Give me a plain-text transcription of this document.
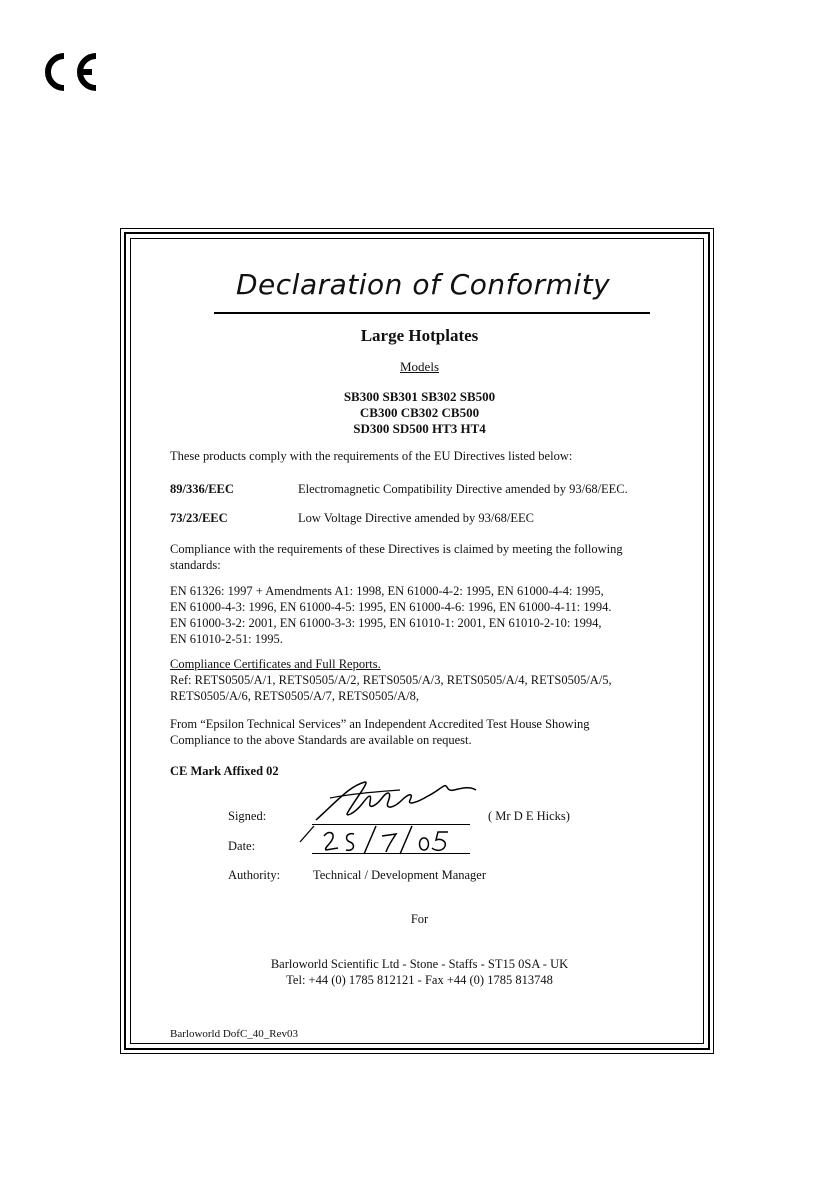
Declaration of Conformity
Large Hotplates
Models
SB300 SB301 SB302 SB500
CB300 CB302 CB500
SD300 SD500 HT3 HT4
These products comply with the requirements of the EU Directives listed below:
89/336/EEC	Electromagnetic Compatibility Directive amended by 93/68/EEC.
73/23/EEC	Low Voltage Directive amended by 93/68/EEC
Compliance with the requirements of these Directives is claimed by meeting the following
standards:
EN 61326: 1997 + Amendments A1: 1998, EN 61000-4-2: 1995, EN 61000-4-4: 1995,
EN 61000-4-3: 1996, EN 61000-4-5: 1995, EN 61000-4-6: 1996, EN 61000-4-11: 1994.
EN 61000-3-2: 2001, EN 61000-3-3: 1995, EN 61010-1: 2001, EN 61010-2-10: 1994,
EN 61010-2-51: 1995.
Compliance Certificates and Full Reports.
Ref: RETS0505/A/1, RETS0505/A/2, RETS0505/A/3, RETS0505/A/4, RETS0505/A/5,
RETS0505/A/6, RETS0505/A/7, RETS0505/A/8,
From “Epsilon Technical Services” an Independent Accredited Test House Showing
Compliance to the above Standards are available on request.
CE Mark Affixed 02
Signed:	( Mr D E Hicks)
Date:
Authority:	Technical / Development Manager
For
Barloworld Scientific Ltd - Stone - Staffs - ST15 0SA - UK
Tel: +44 (0) 1785 812121 - Fax +44 (0) 1785 813748
Barloworld DofC_40_Rev03
